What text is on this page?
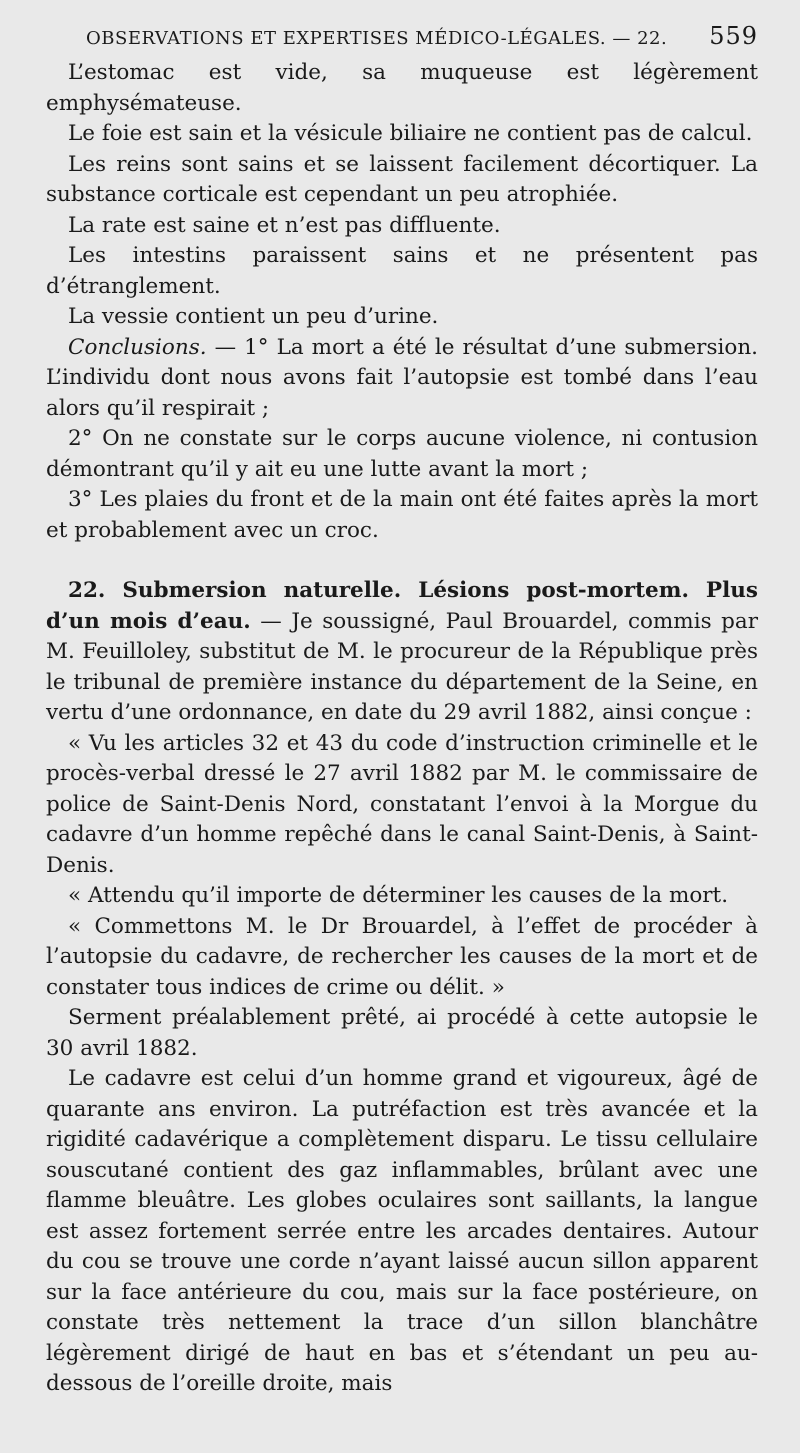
OBSERVATIONS ET EXPERTISES MÉDICO-LÉGALES. — 22. 559

L’estomac est vide, sa muqueuse est légèrement emphysémateuse.

Le foie est sain et la vésicule biliaire ne contient pas de calcul.

Les reins sont sains et se laissent facilement décortiquer. La substance corticale est cependant un peu atrophiée.

La rate est saine et n’est pas diffluente.

Les intestins paraissent sains et ne présentent pas d’étranglement.

La vessie contient un peu d’urine.

Conclusions. — 1° La mort a été le résultat d’une submersion. L’individu dont nous avons fait l’autopsie est tombé dans l’eau alors qu’il respirait ;

2° On ne constate sur le corps aucune violence, ni contusion démontrant qu’il y ait eu une lutte avant la mort ;

3° Les plaies du front et de la main ont été faites après la mort et probablement avec un croc.

22. Submersion naturelle. Lésions post-mortem. Plus d’un mois d’eau. — Je soussigné, Paul Brouardel, commis par M. Feuilloley, substitut de M. le procureur de la République près le tribunal de première instance du département de la Seine, en vertu d’une ordonnance, en date du 29 avril 1882, ainsi conçue :

« Vu les articles 32 et 43 du code d’instruction criminelle et le procès-verbal dressé le 27 avril 1882 par M. le commissaire de police de Saint-Denis Nord, constatant l’envoi à la Morgue du cadavre d’un homme repêché dans le canal Saint-Denis, à Saint-Denis.

« Attendu qu’il importe de déterminer les causes de la mort.

« Commettons M. le Dr Brouardel, à l’effet de procéder à l’autopsie du cadavre, de rechercher les causes de la mort et de constater tous indices de crime ou délit. »

Serment préalablement prêté, ai procédé à cette autopsie le 30 avril 1882.

Le cadavre est celui d’un homme grand et vigoureux, âgé de quarante ans environ. La putréfaction est très avancée et la rigidité cadavérique a complètement disparu. Le tissu cellulaire souscutané contient des gaz inflammables, brûlant avec une flamme bleuâtre. Les globes oculaires sont saillants, la langue est assez fortement serrée entre les arcades dentaires. Autour du cou se trouve une corde n’ayant laissé aucun sillon apparent sur la face antérieure du cou, mais sur la face postérieure, on constate très nettement la trace d’un sillon blanchâtre légèrement dirigé de haut en bas et s’étendant un peu au-dessous de l’oreille droite, mais
